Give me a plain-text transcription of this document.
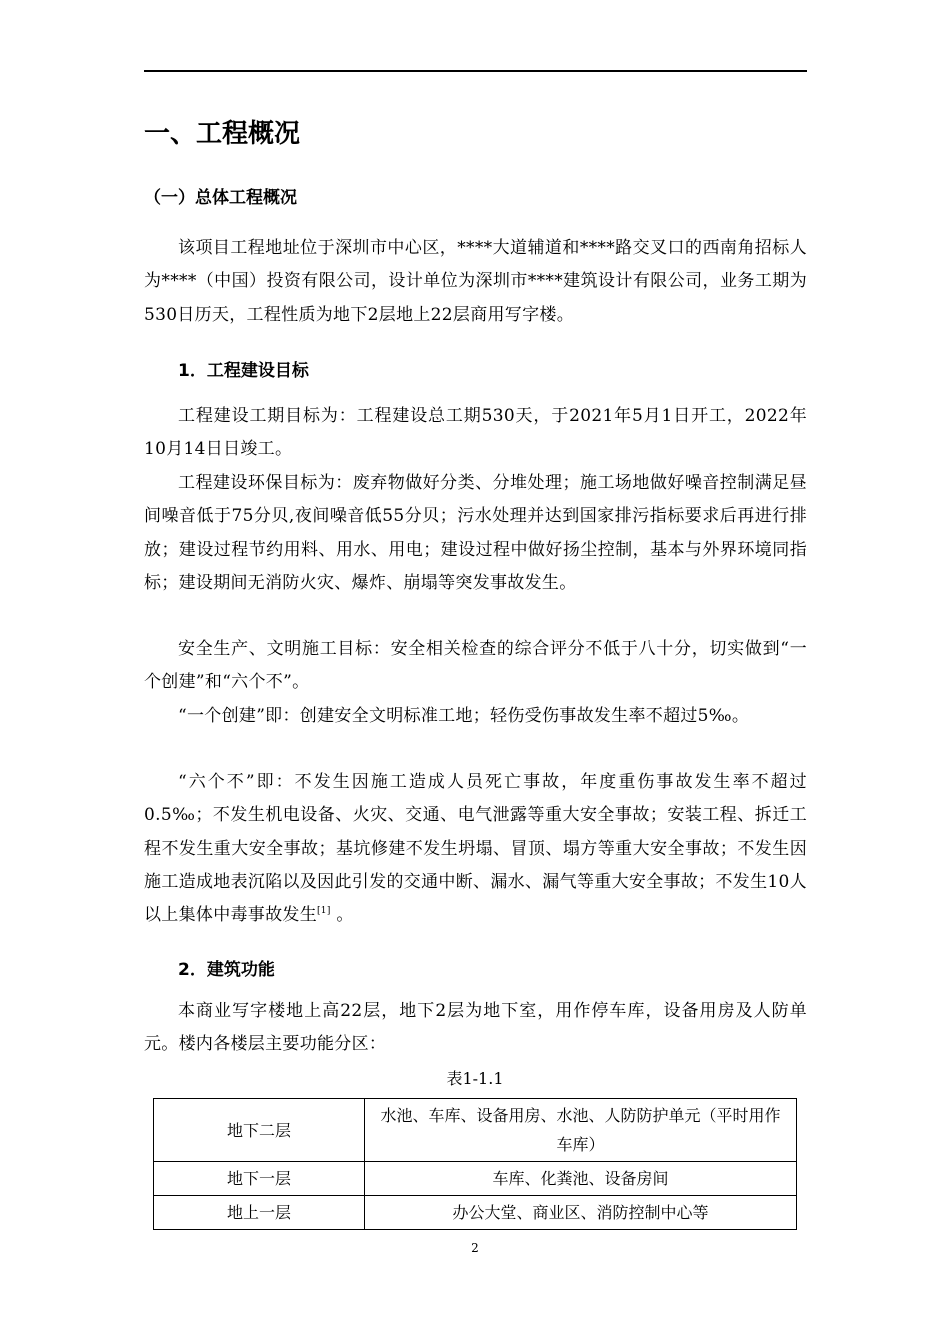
一、工程概况
（一）总体工程概况

该项目工程地址位于深圳市中心区，****大道辅道和****路交叉口的西南角招标人为****（中国）投资有限公司，设计单位为深圳市****建筑设计有限公司，业务工期为530日历天，工程性质为地下2层地上22层商用写字楼。

1．工程建设目标

工程建设工期目标为：工程建设总工期530天，于2021年5月1日开工，2022年10月14日日竣工。

工程建设环保目标为：废弃物做好分类、分堆处理；施工场地做好噪音控制满足昼间噪音低于75分贝,夜间噪音低55分贝；污水处理并达到国家排污指标要求后再进行排放；建设过程节约用料、用水、用电；建设过程中做好扬尘控制，基本与外界环境同指标；建设期间无消防火灾、爆炸、崩塌等突发事故发生。

安全生产、文明施工目标：安全相关检查的综合评分不低于八十分，切实做到“一个创建”和“六个不”。

“一个创建”即：创建安全文明标准工地；轻伤受伤事故发生率不超过5‰。

“六个不”即：不发生因施工造成人员死亡事故，年度重伤事故发生率不超过0.5‰；不发生机电设备、火灾、交通、电气泄露等重大安全事故；安装工程、拆迁工程不发生重大安全事故；基坑修建不发生坍塌、冒顶、塌方等重大安全事故；不发生因施工造成地表沉陷以及因此引发的交通中断、漏水、漏气等重大安全事故；不发生10人以上集体中毒事故发生[1] 。

2．建筑功能

本商业写字楼地上高22层，地下2层为地下室，用作停车库，设备用房及人防单元。楼内各楼层主要功能分区：

表1-1.1

地下二层	水池、车库、设备用房、水池、人防防护单元（平时用作车库）
地下一层	车库、化粪池、设备房间
地上一层	办公大堂、商业区、消防控制中心等
2
